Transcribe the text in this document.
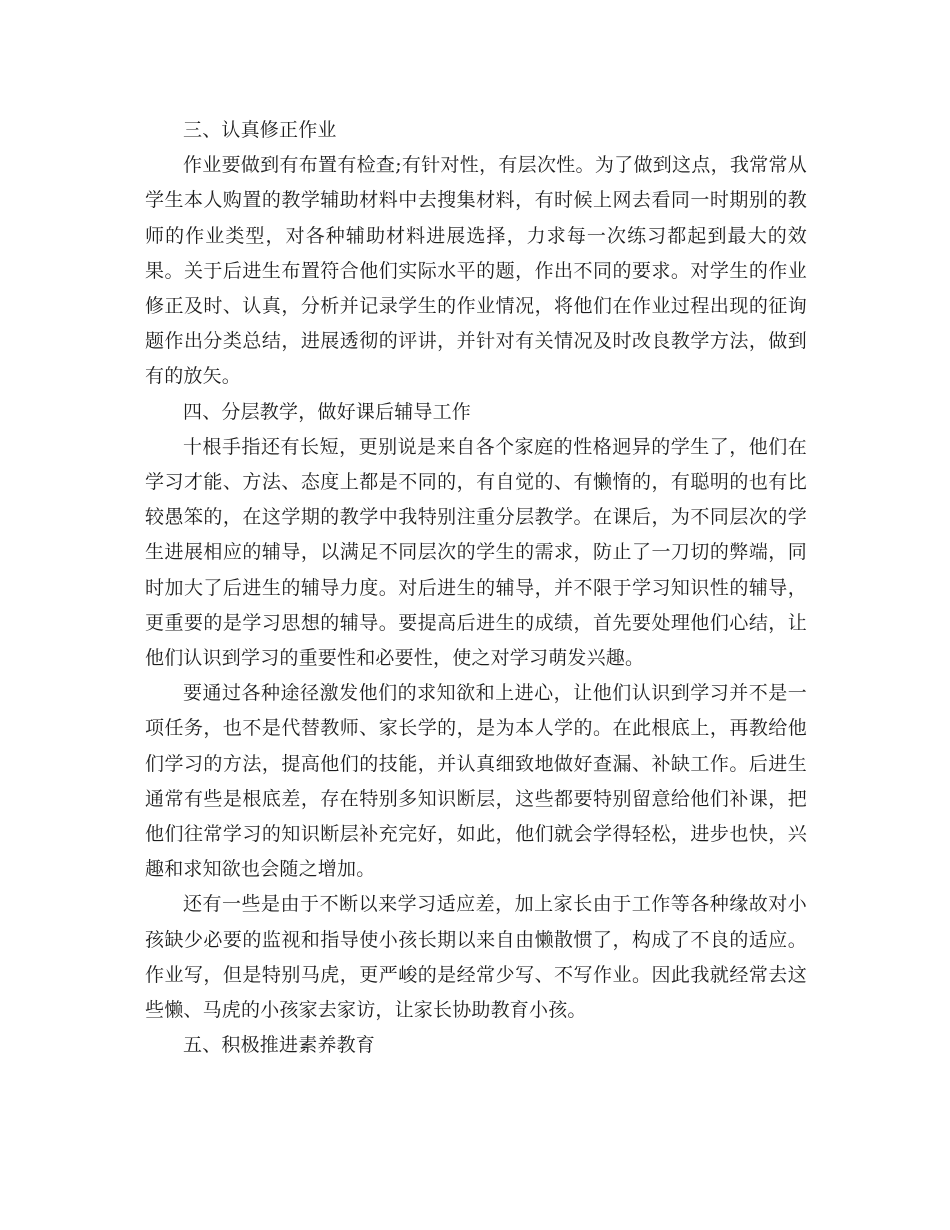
三、认真修正作业

作业要做到有布置有检查;有针对性，有层次性。为了做到这点，我常常从学生本人购置的教学辅助材料中去搜集材料，有时候上网去看同一时期别的教师的作业类型，对各种辅助材料进展选择，力求每一次练习都起到最大的效果。关于后进生布置符合他们实际水平的题，作出不同的要求。对学生的作业修正及时、认真，分析并记录学生的作业情况，将他们在作业过程出现的征询题作出分类总结，进展透彻的评讲，并针对有关情况及时改良教学方法，做到有的放矢。

四、分层教学，做好课后辅导工作

十根手指还有长短，更别说是来自各个家庭的性格迥异的学生了，他们在学习才能、方法、态度上都是不同的，有自觉的、有懒惰的，有聪明的也有比较愚笨的，在这学期的教学中我特别注重分层教学。在课后，为不同层次的学生进展相应的辅导，以满足不同层次的学生的需求，防止了一刀切的弊端，同时加大了后进生的辅导力度。对后进生的辅导，并不限于学习知识性的辅导，更重要的是学习思想的辅导。要提高后进生的成绩，首先要处理他们心结，让他们认识到学习的重要性和必要性，使之对学习萌发兴趣。

要通过各种途径激发他们的求知欲和上进心，让他们认识到学习并不是一项任务，也不是代替教师、家长学的，是为本人学的。在此根底上，再教给他们学习的方法，提高他们的技能，并认真细致地做好查漏、补缺工作。后进生通常有些是根底差，存在特别多知识断层，这些都要特别留意给他们补课，把他们往常学习的知识断层补充完好，如此，他们就会学得轻松，进步也快，兴趣和求知欲也会随之增加。

还有一些是由于不断以来学习适应差，加上家长由于工作等各种缘故对小孩缺少必要的监视和指导使小孩长期以来自由懒散惯了，构成了不良的适应。作业写，但是特别马虎，更严峻的是经常少写、不写作业。因此我就经常去这些懒、马虎的小孩家去家访，让家长协助教育小孩。

五、积极推进素养教育
